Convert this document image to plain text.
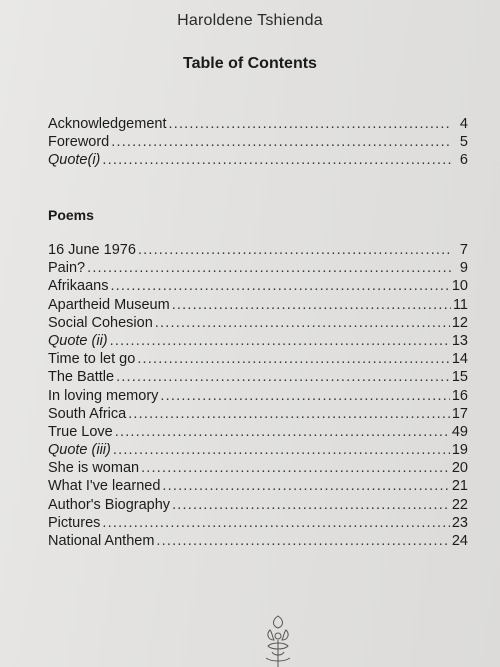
Haroldene Tshienda
Table of Contents
Acknowledgement .....	4
Foreword .....	5
Quote(i) .....	6
Poems
16 June 1976 .....	7
Pain? .....	9
Afrikaans .....	10
Apartheid Museum .....	11
Social Cohesion .....	12
Quote (ii) .....	13
Time to let go .....	14
The Battle .....	15
In loving memory .....	16
South Africa .....	17
True Love .....	49
Quote (iii) .....	19
She is woman .....	20
What I've learned .....	21
Author's Biography .....	22
Pictures .....	23
National Anthem .....	24
